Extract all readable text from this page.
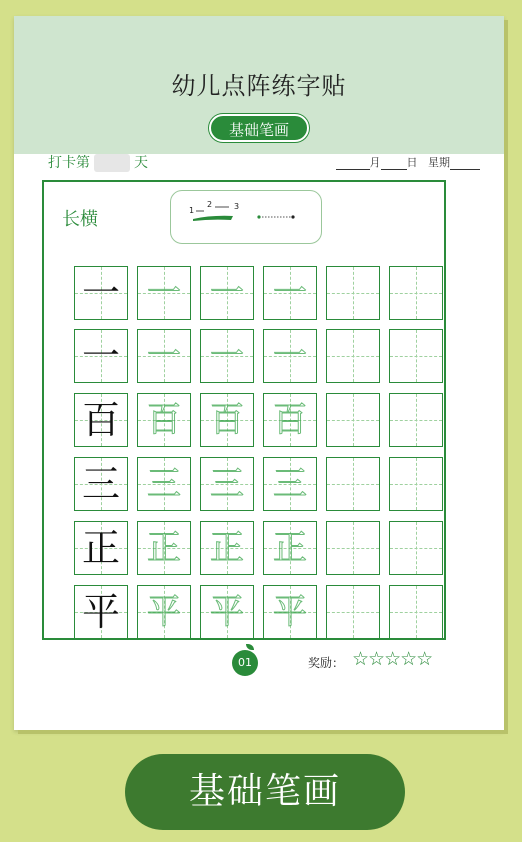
幼儿点阵练字贴
基础笔画
打卡第	天	月 日 星期
长横	1
2	3
一 一 一 一
一 一 一 一
百 百 百 百
三 三 三 三
正 正 正 正
平 平 平 平
01	奖励： ☆☆☆☆☆
基础笔画
